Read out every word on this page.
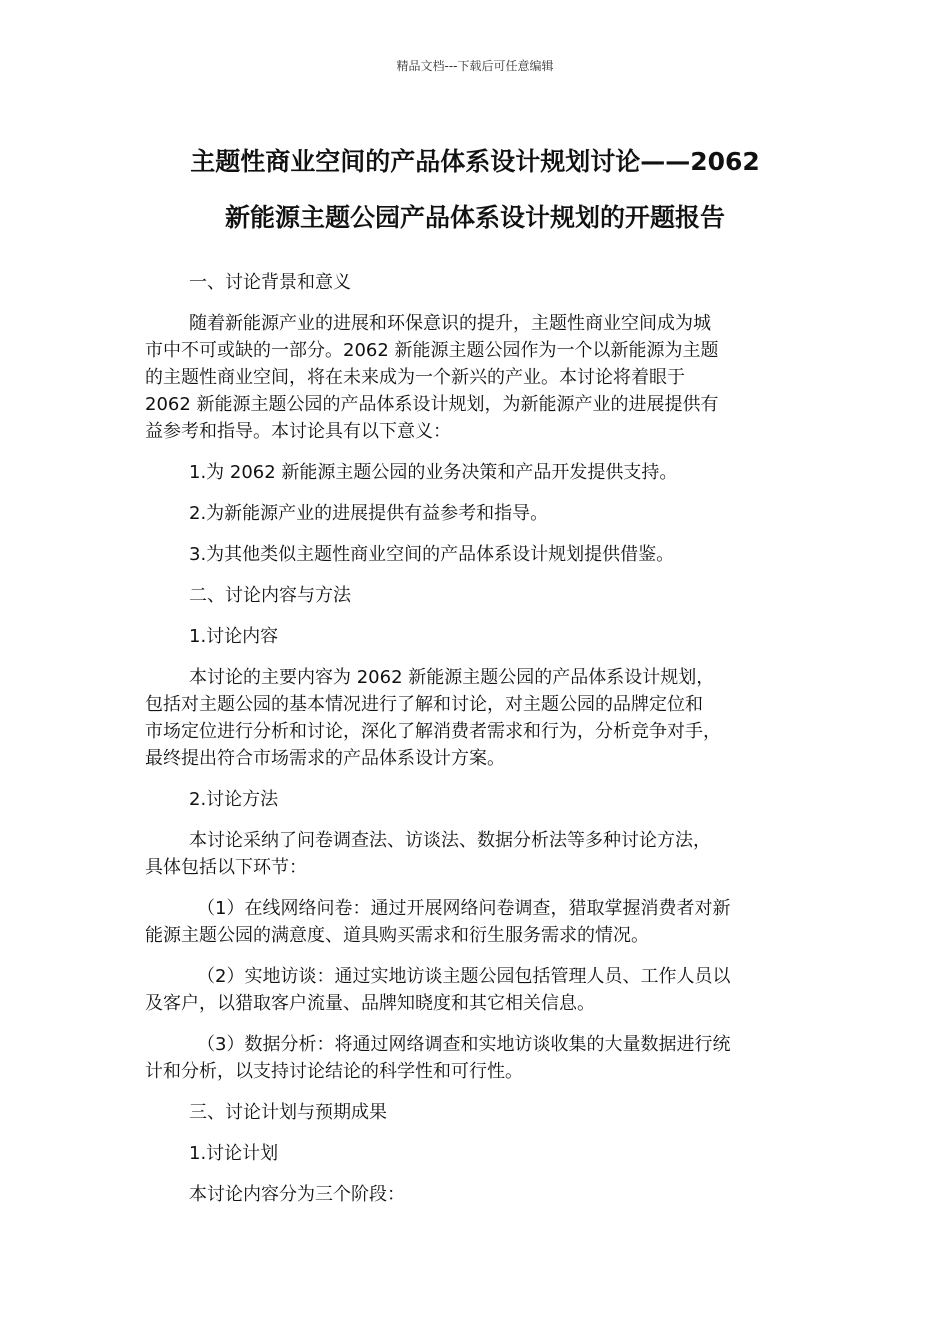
精品文档---下载后可任意编辑
主题性商业空间的产品体系设计规划讨论——2062
新能源主题公园产品体系设计规划的开题报告
一、讨论背景和意义
随着新能源产业的进展和环保意识的提升，主题性商业空间成为城
市中不可或缺的一部分。2062 新能源主题公园作为一个以新能源为主题
的主题性商业空间，将在未来成为一个新兴的产业。本讨论将着眼于
2062 新能源主题公园的产品体系设计规划，为新能源产业的进展提供有
益参考和指导。本讨论具有以下意义：
1.为 2062 新能源主题公园的业务决策和产品开发提供支持。
2.为新能源产业的进展提供有益参考和指导。
3.为其他类似主题性商业空间的产品体系设计规划提供借鉴。
二、讨论内容与方法
1.讨论内容
本讨论的主要内容为 2062 新能源主题公园的产品体系设计规划，
包括对主题公园的基本情况进行了解和讨论，对主题公园的品牌定位和
市场定位进行分析和讨论，深化了解消费者需求和行为，分析竞争对手，
最终提出符合市场需求的产品体系设计方案。
2.讨论方法
本讨论采纳了问卷调查法、访谈法、数据分析法等多种讨论方法，
具体包括以下环节：
（1）在线网络问卷：通过开展网络问卷调查，猎取掌握消费者对新
能源主题公园的满意度、道具购买需求和衍生服务需求的情况。
（2）实地访谈：通过实地访谈主题公园包括管理人员、工作人员以
及客户，以猎取客户流量、品牌知晓度和其它相关信息。
（3）数据分析：将通过网络调查和实地访谈收集的大量数据进行统
计和分析，以支持讨论结论的科学性和可行性。
三、讨论计划与预期成果
1.讨论计划
本讨论内容分为三个阶段：
